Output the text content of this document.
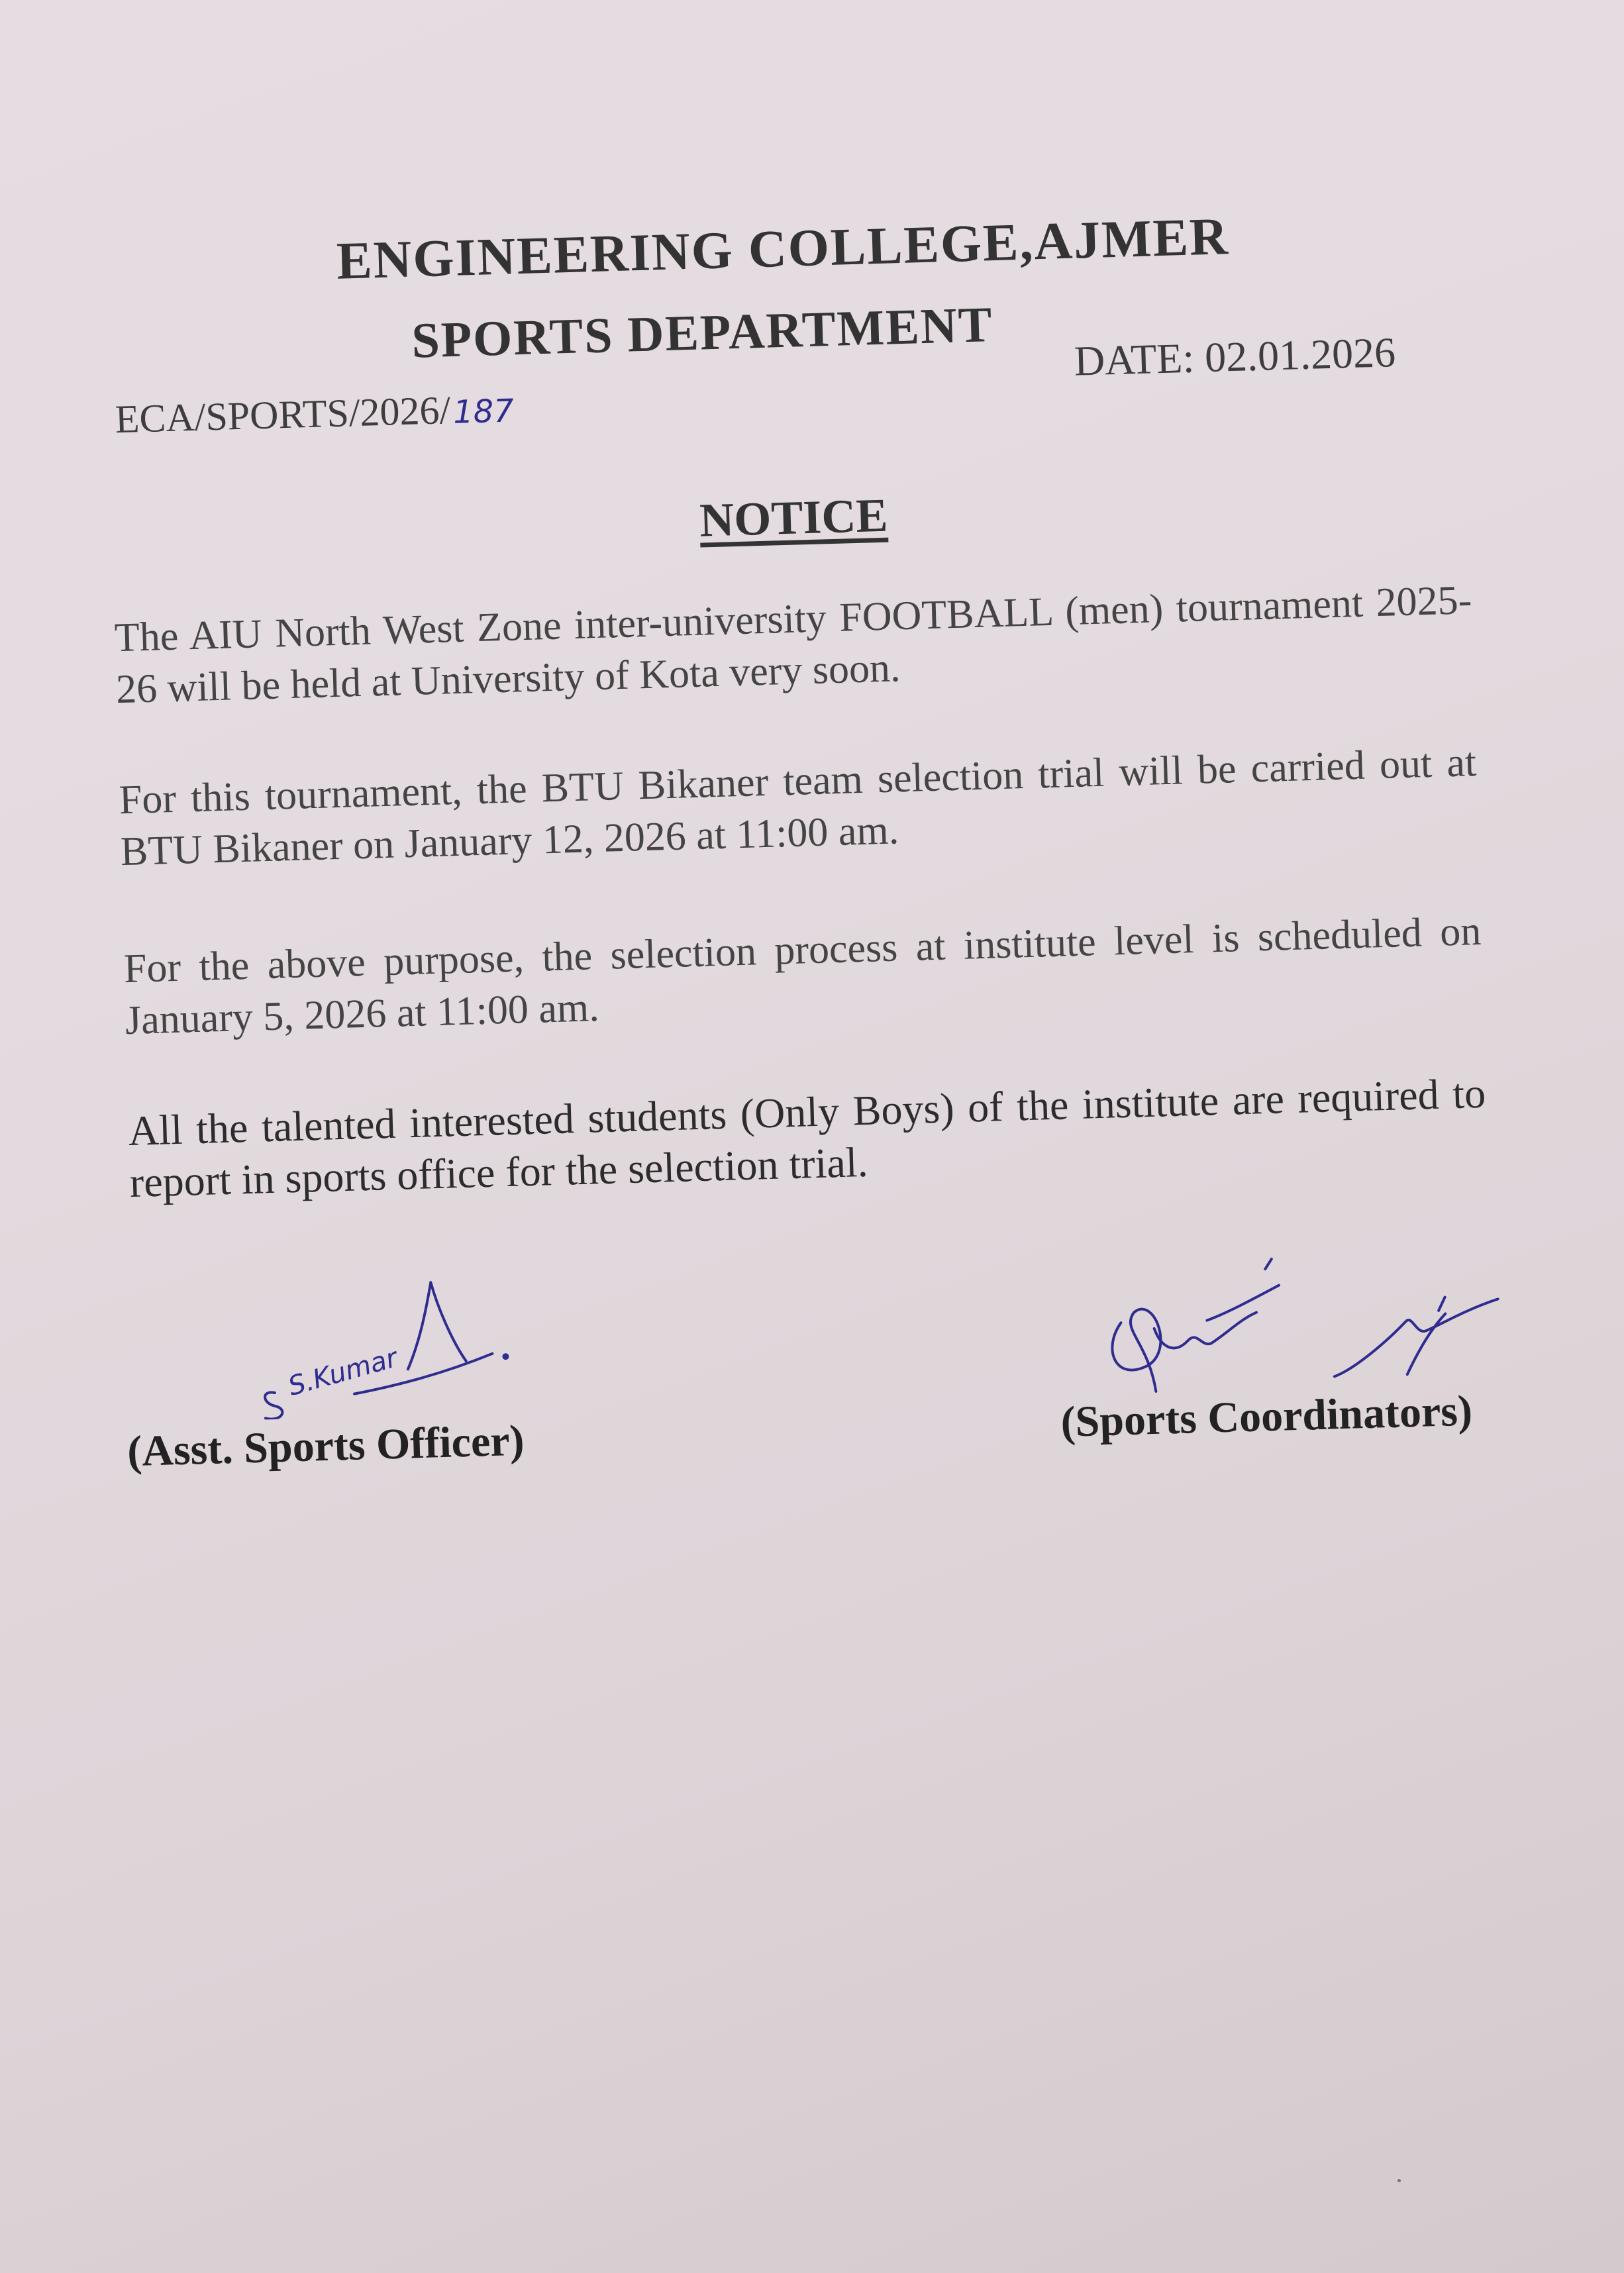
ENGINEERING COLLEGE,AJMER
SPORTS DEPARTMENT
ECA/SPORTS/2026/187
DATE: 02.01.2026
NOTICE
The AIU North West Zone inter-university FOOTBALL (men) tournament 2025-26 will be held at University of Kota very soon.
For this tournament, the BTU Bikaner team selection trial will be carried out at BTU Bikaner on January 12, 2026 at 11:00 am.
For the above purpose, the selection process at institute level is scheduled on January 5, 2026 at 11:00 am.
All the talented interested students (Only Boys) of the institute are required to report in sports office for the selection trial.
S.Kumar
(Asst. Sports Officer)	(Sports Coordinators)
